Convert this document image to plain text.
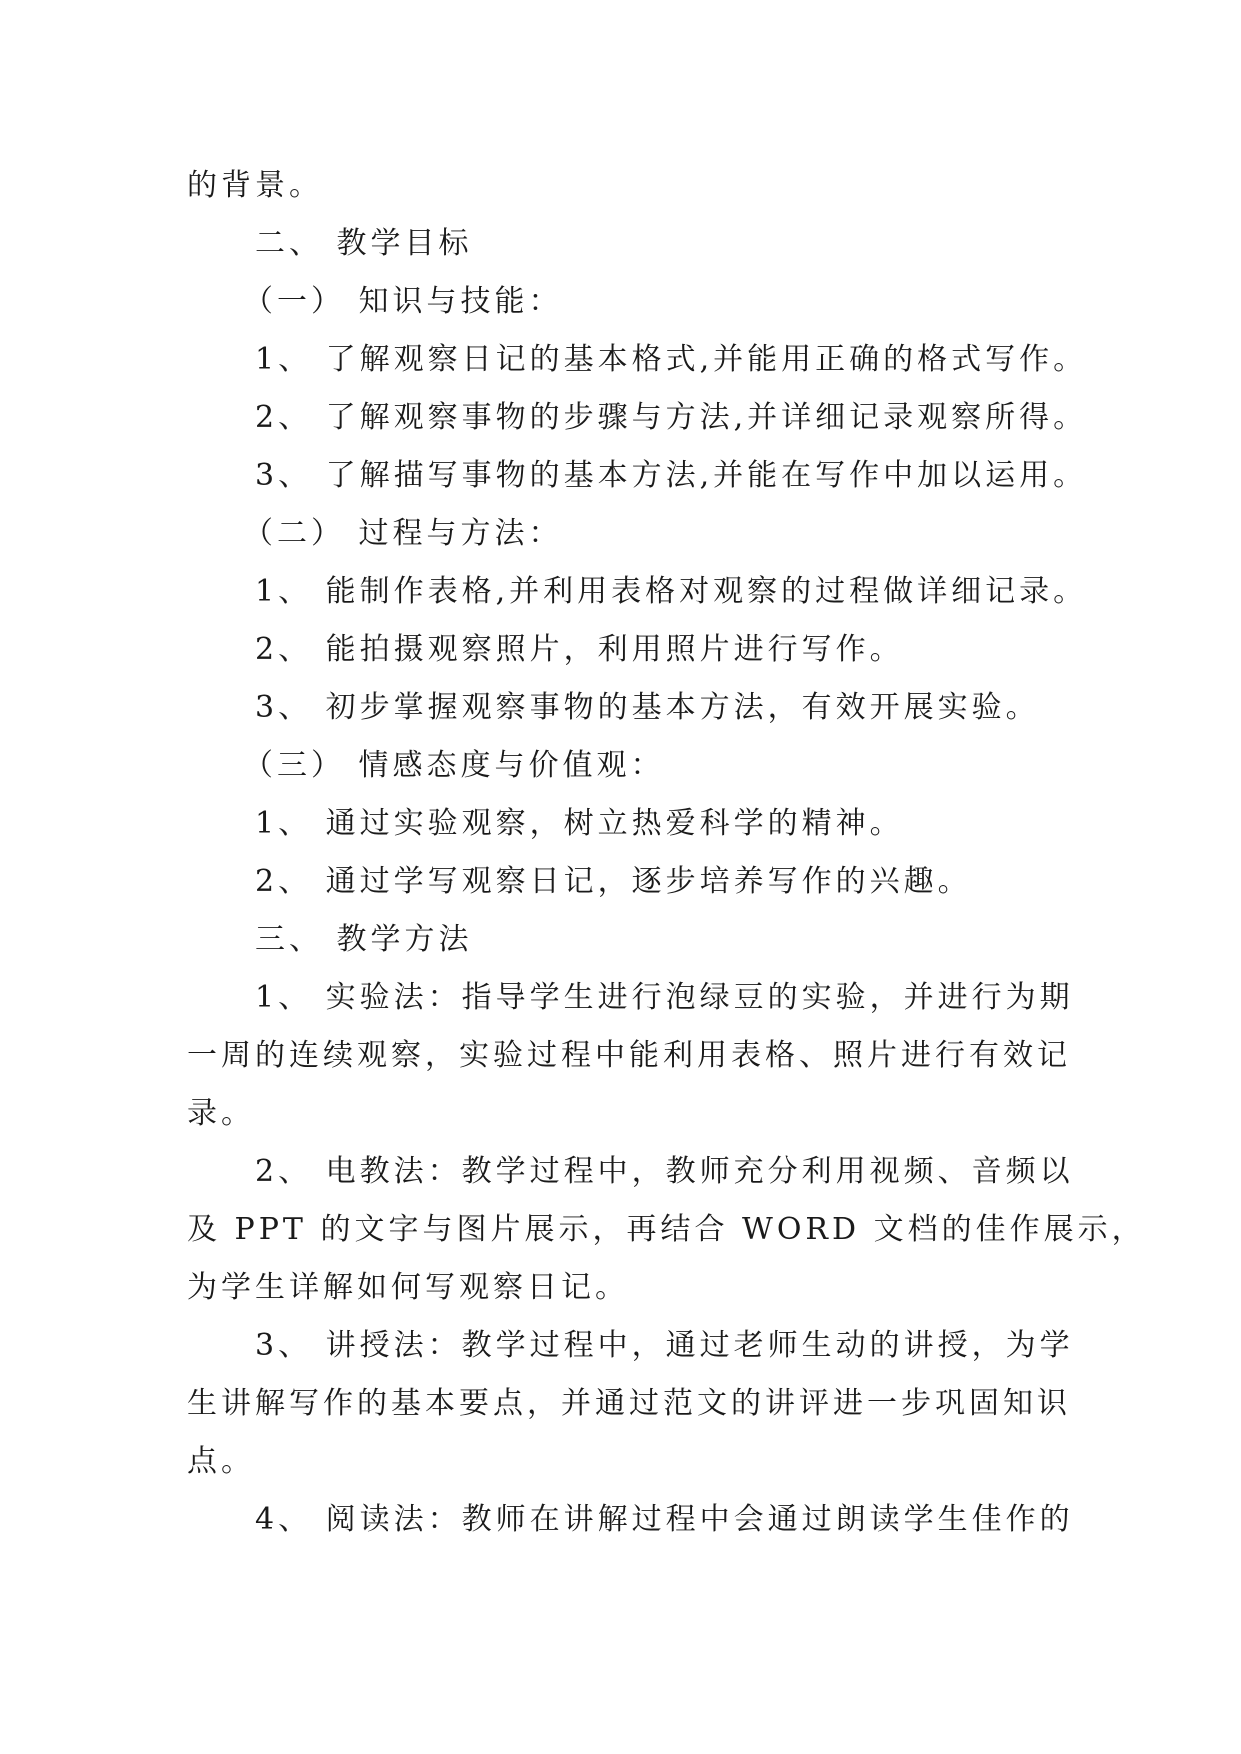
的背景。
二、 教学目标
（一） 知识与技能：
1、 了解观察日记的基本格式,并能用正确的格式写作。
2、 了解观察事物的步骤与方法,并详细记录观察所得。
3、 了解描写事物的基本方法,并能在写作中加以运用。
（二） 过程与方法：
1、 能制作表格,并利用表格对观察的过程做详细记录。
2、 能拍摄观察照片，利用照片进行写作。
3、 初步掌握观察事物的基本方法，有效开展实验。
（三） 情感态度与价值观：
1、 通过实验观察，树立热爱科学的精神。
2、 通过学写观察日记，逐步培养写作的兴趣。
三、 教学方法
1、 实验法：指导学生进行泡绿豆的实验，并进行为期
一周的连续观察，实验过程中能利用表格、照片进行有效记
录。
2、 电教法：教学过程中，教师充分利用视频、音频以
及 PPT 的文字与图片展示，再结合 WORD 文档的佳作展示，
为学生详解如何写观察日记。
3、 讲授法：教学过程中，通过老师生动的讲授，为学
生讲解写作的基本要点，并通过范文的讲评进一步巩固知识
点。
4、 阅读法：教师在讲解过程中会通过朗读学生佳作的
